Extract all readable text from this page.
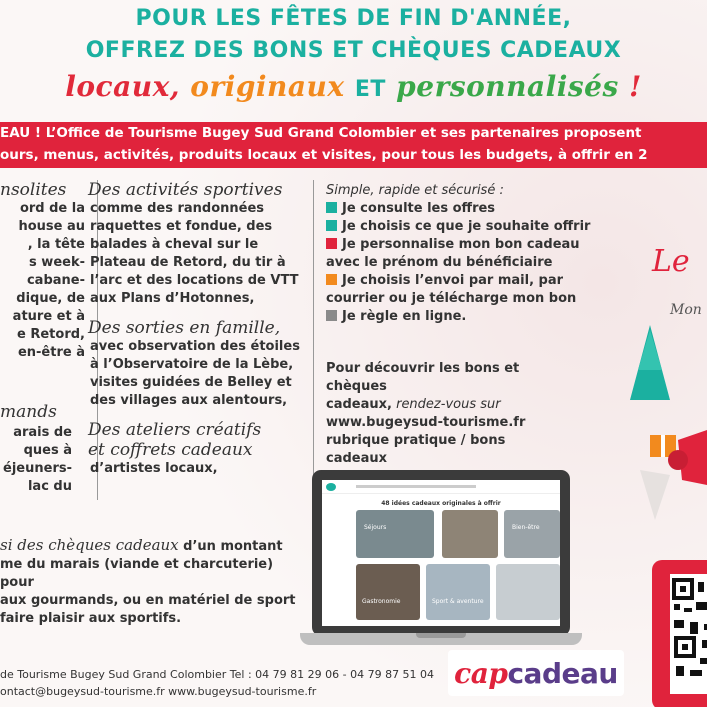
POUR LES FÊTES DE FIN D'ANNÉE,
OFFREZ DES BONS ET CHÈQUES CADEAUX
locaux, originaux ET personnalisés !
EAU ! L’Office de Tourisme Bugey Sud Grand Colombier et ses partenaires proposent
ours, menus, activités, produits locaux et visites, pour tous les budgets, à offrir en 2
nsolites
ord de la
house au
, la tête
s week-
cabane-
dique, de
ature et à
e Retord,
en-être à
mands
arais de
ques à
éjeuners-
lac du
Des activités sportives
comme des randonnées
raquettes et fondue, des
balades à cheval sur le
Plateau de Retord, du tir à
l’arc et des locations de VTT
aux Plans d’Hotonnes,
Des sorties en famille,
avec observation des étoiles
à l’Observatoire de la Lèbe,
visites guidées de Belley et
des villages aux alentours,
Des ateliers créatifs
et coffrets cadeaux
d’artistes locaux,
Simple, rapide et sécurisé :
Je consulte les offres
Je choisis ce que je souhaite offrir
Je personnalise mon bon cadeau
avec le prénom du bénéficiaire
Je choisis l’envoi par mail, par
courrier ou je télécharge mon bon
Je règle en ligne.
Pour découvrir les bons et chèques
cadeaux, rendez-vous sur
www.bugeysud-tourisme.fr
rubrique pratique / bons cadeaux
si des chèques cadeaux d’un montant
me du marais (viande et charcuterie) pour
aux gourmands, ou en matériel de sport
faire plaisir aux sportifs.
48 idées cadeaux originales à offrir
Séjours	Bien-être
Gastronomie	Sport & aventure
Le
Mon
cap cadeau
de Tourisme Bugey Sud Grand Colombier Tel : 04 79 81 29 06 - 04 79 87 51 04
ontact@bugeysud-tourisme.fr www.bugeysud-tourisme.fr
